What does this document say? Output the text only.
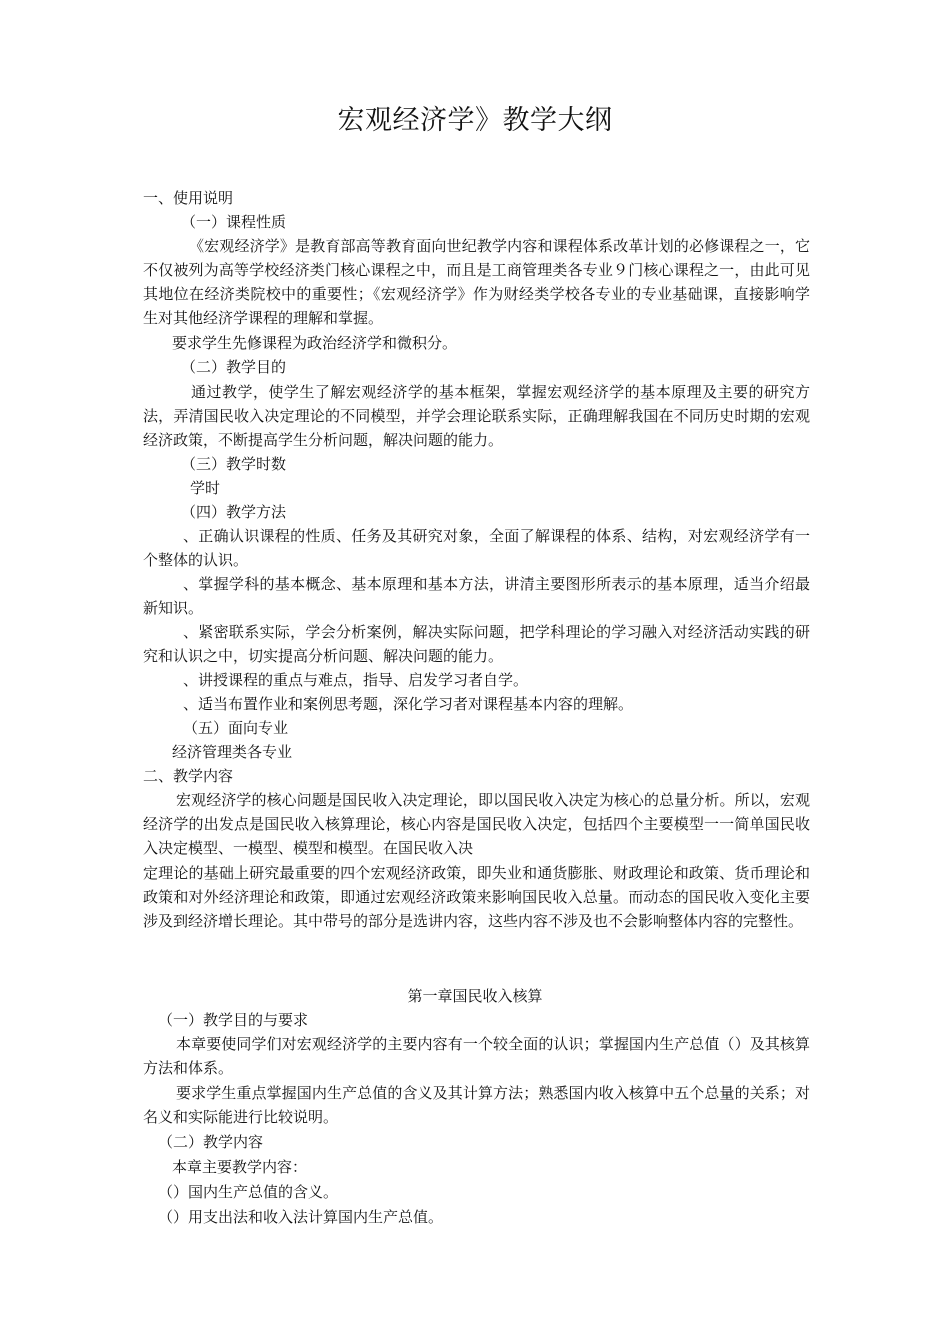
宏观经济学》教学大纲
一、使用说明
（一）课程性质
《宏观经济学》是教育部高等教育面向世纪教学内容和课程体系改革计划的必修课程之一，它不仅被列为高等学校经济类门核心课程之中，而且是工商管理类各专业９门核心课程之一，由此可见其地位在经济类院校中的重要性；《宏观经济学》作为财经类学校各专业的专业基础课，直接影响学生对其他经济学课程的理解和掌握。
要求学生先修课程为政治经济学和微积分。
（二）教学目的
通过教学，使学生了解宏观经济学的基本框架，掌握宏观经济学的基本原理及主要的研究方法，弄清国民收入决定理论的不同模型，并学会理论联系实际，正确理解我国在不同历史时期的宏观经济政策，不断提高学生分析问题，解决问题的能力。
（三）教学时数
学时
（四）教学方法
、正确认识课程的性质、任务及其研究对象，全面了解课程的体系、结构，对宏观经济学有一个整体的认识。
、掌握学科的基本概念、基本原理和基本方法，讲清主要图形所表示的基本原理，适当介绍最新知识。
、紧密联系实际，学会分析案例，解决实际问题，把学科理论的学习融入对经济活动实践的研究和认识之中，切实提高分析问题、解决问题的能力。
、讲授课程的重点与难点，指导、启发学习者自学。
、适当布置作业和案例思考题，深化学习者对课程基本内容的理解。
（五）面向专业
经济管理类各专业
二、教学内容
宏观经济学的核心问题是国民收入决定理论，即以国民收入决定为核心的总量分析。所以，宏观经济学的出发点是国民收入核算理论，核心内容是国民收入决定，包括四个主要模型一一简单国民收入决定模型、一模型、模型和模型。在国民收入决
定理论的基础上研究最重要的四个宏观经济政策，即失业和通货膨胀、财政理论和政策、货币理论和政策和对外经济理论和政策，即通过宏观经济政策来影响国民收入总量。而动态的国民收入变化主要涉及到经济增长理论。其中带号的部分是选讲内容，这些内容不涉及也不会影响整体内容的完整性。
第一章国民收入核算
（一）教学目的与要求
本章要使同学们对宏观经济学的主要内容有一个较全面的认识；掌握国内生产总值（）及其核算方法和体系。
要求学生重点掌握国内生产总值的含义及其计算方法；熟悉国内收入核算中五个总量的关系；对名义和实际能进行比较说明。
（二）教学内容
本章主要教学内容：
（）国内生产总值的含义。
（）用支出法和收入法计算国内生产总值。
